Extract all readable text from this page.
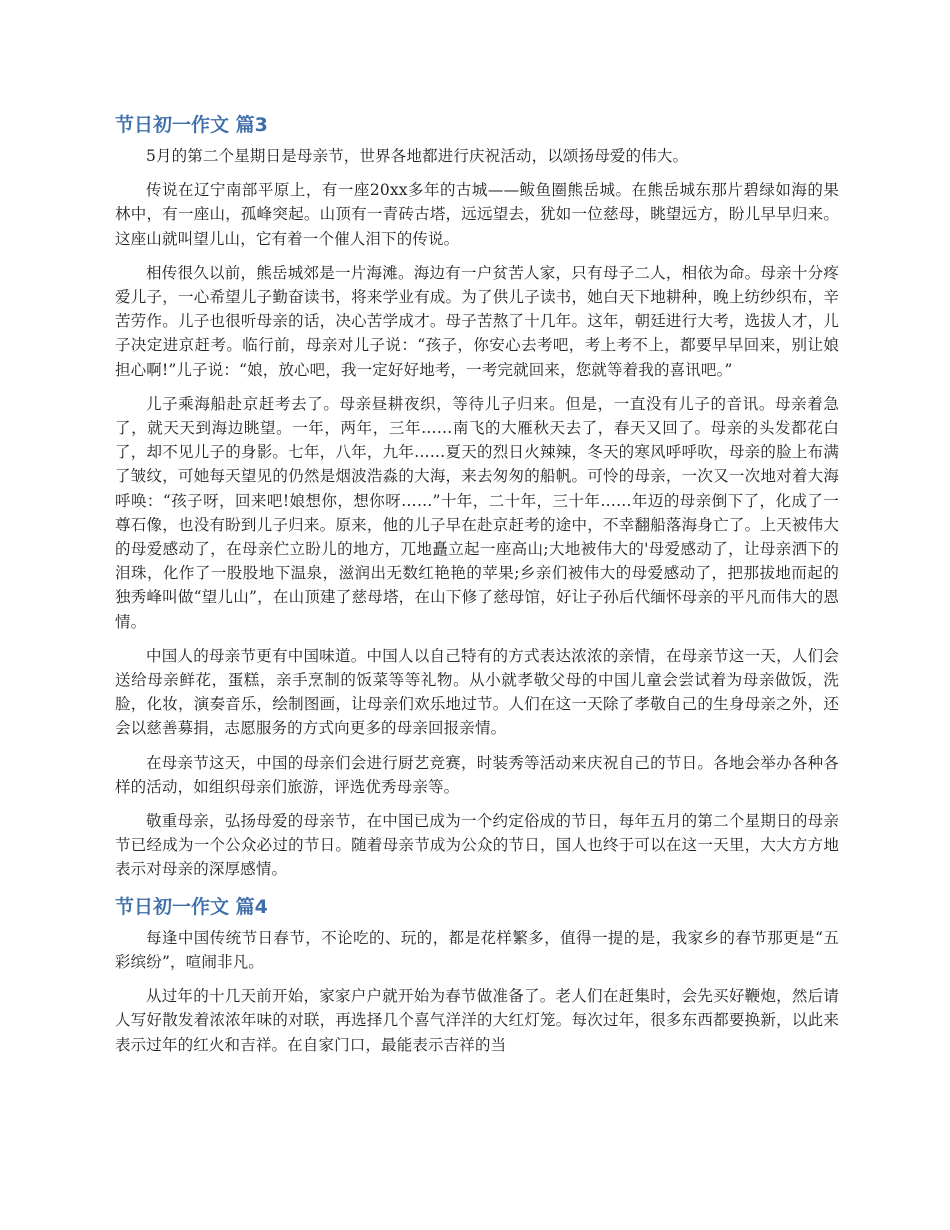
节日初一作文 篇3

5月的第二个星期日是母亲节，世界各地都进行庆祝活动，以颂扬母爱的伟大。

传说在辽宁南部平原上，有一座20xx多年的古城——鲅鱼圈熊岳城。在熊岳城东那片碧绿如海的果林中，有一座山，孤峰突起。山顶有一青砖古塔，远远望去，犹如一位慈母，眺望远方，盼儿早早归来。这座山就叫望儿山，它有着一个催人泪下的传说。

相传很久以前，熊岳城郊是一片海滩。海边有一户贫苦人家，只有母子二人，相依为命。母亲十分疼爱儿子，一心希望儿子勤奋读书，将来学业有成。为了供儿子读书，她白天下地耕种，晚上纺纱织布，辛苦劳作。儿子也很听母亲的话，决心苦学成才。母子苦熬了十几年。这年，朝廷进行大考，选拔人才，儿子决定进京赶考。临行前，母亲对儿子说：“孩子，你安心去考吧，考上考不上，都要早早回来，别让娘担心啊!”儿子说：“娘，放心吧，我一定好好地考，一考完就回来，您就等着我的喜讯吧。”

儿子乘海船赴京赶考去了。母亲昼耕夜织，等待儿子归来。但是，一直没有儿子的音讯。母亲着急了，就天天到海边眺望。一年，两年，三年……南飞的大雁秋天去了，春天又回了。母亲的头发都花白了，却不见儿子的身影。七年，八年，九年……夏天的烈日火辣辣，冬天的寒风呼呼吹，母亲的脸上布满了皱纹，可她每天望见的仍然是烟波浩淼的大海，来去匆匆的船帆。可怜的母亲，一次又一次地对着大海呼唤：“孩子呀，回来吧!娘想你，想你呀……”十年，二十年，三十年……年迈的母亲倒下了，化成了一尊石像，也没有盼到儿子归来。原来，他的儿子早在赴京赶考的途中，不幸翻船落海身亡了。上天被伟大的母爱感动了，在母亲伫立盼儿的地方，兀地矗立起一座高山;大地被伟大的'母爱感动了，让母亲洒下的泪珠，化作了一股股地下温泉，滋润出无数红艳艳的苹果;乡亲们被伟大的母爱感动了，把那拔地而起的独秀峰叫做“望儿山”，在山顶建了慈母塔，在山下修了慈母馆，好让子孙后代缅怀母亲的平凡而伟大的恩情。

中国人的母亲节更有中国味道。中国人以自己特有的方式表达浓浓的亲情，在母亲节这一天，人们会送给母亲鲜花，蛋糕，亲手烹制的饭菜等等礼物。从小就孝敬父母的中国儿童会尝试着为母亲做饭，洗脸，化妆，演奏音乐，绘制图画，让母亲们欢乐地过节。人们在这一天除了孝敬自己的生身母亲之外，还会以慈善募捐，志愿服务的方式向更多的母亲回报亲情。

在母亲节这天，中国的母亲们会进行厨艺竞赛，时装秀等活动来庆祝自己的节日。各地会举办各种各样的活动，如组织母亲们旅游，评选优秀母亲等。

敬重母亲，弘扬母爱的母亲节，在中国已成为一个约定俗成的节日，每年五月的第二个星期日的母亲节已经成为一个公众必过的节日。随着母亲节成为公众的节日，国人也终于可以在这一天里，大大方方地表示对母亲的深厚感情。

节日初一作文 篇4

每逢中国传统节日春节，不论吃的、玩的，都是花样繁多，值得一提的是，我家乡的春节那更是“五彩缤纷”，喧闹非凡。

从过年的十几天前开始，家家户户就开始为春节做准备了。老人们在赶集时，会先买好鞭炮，然后请人写好散发着浓浓年味的对联，再选择几个喜气洋洋的大红灯笼。每次过年，很多东西都要换新，以此来表示过年的红火和吉祥。在自家门口，最能表示吉祥的当
